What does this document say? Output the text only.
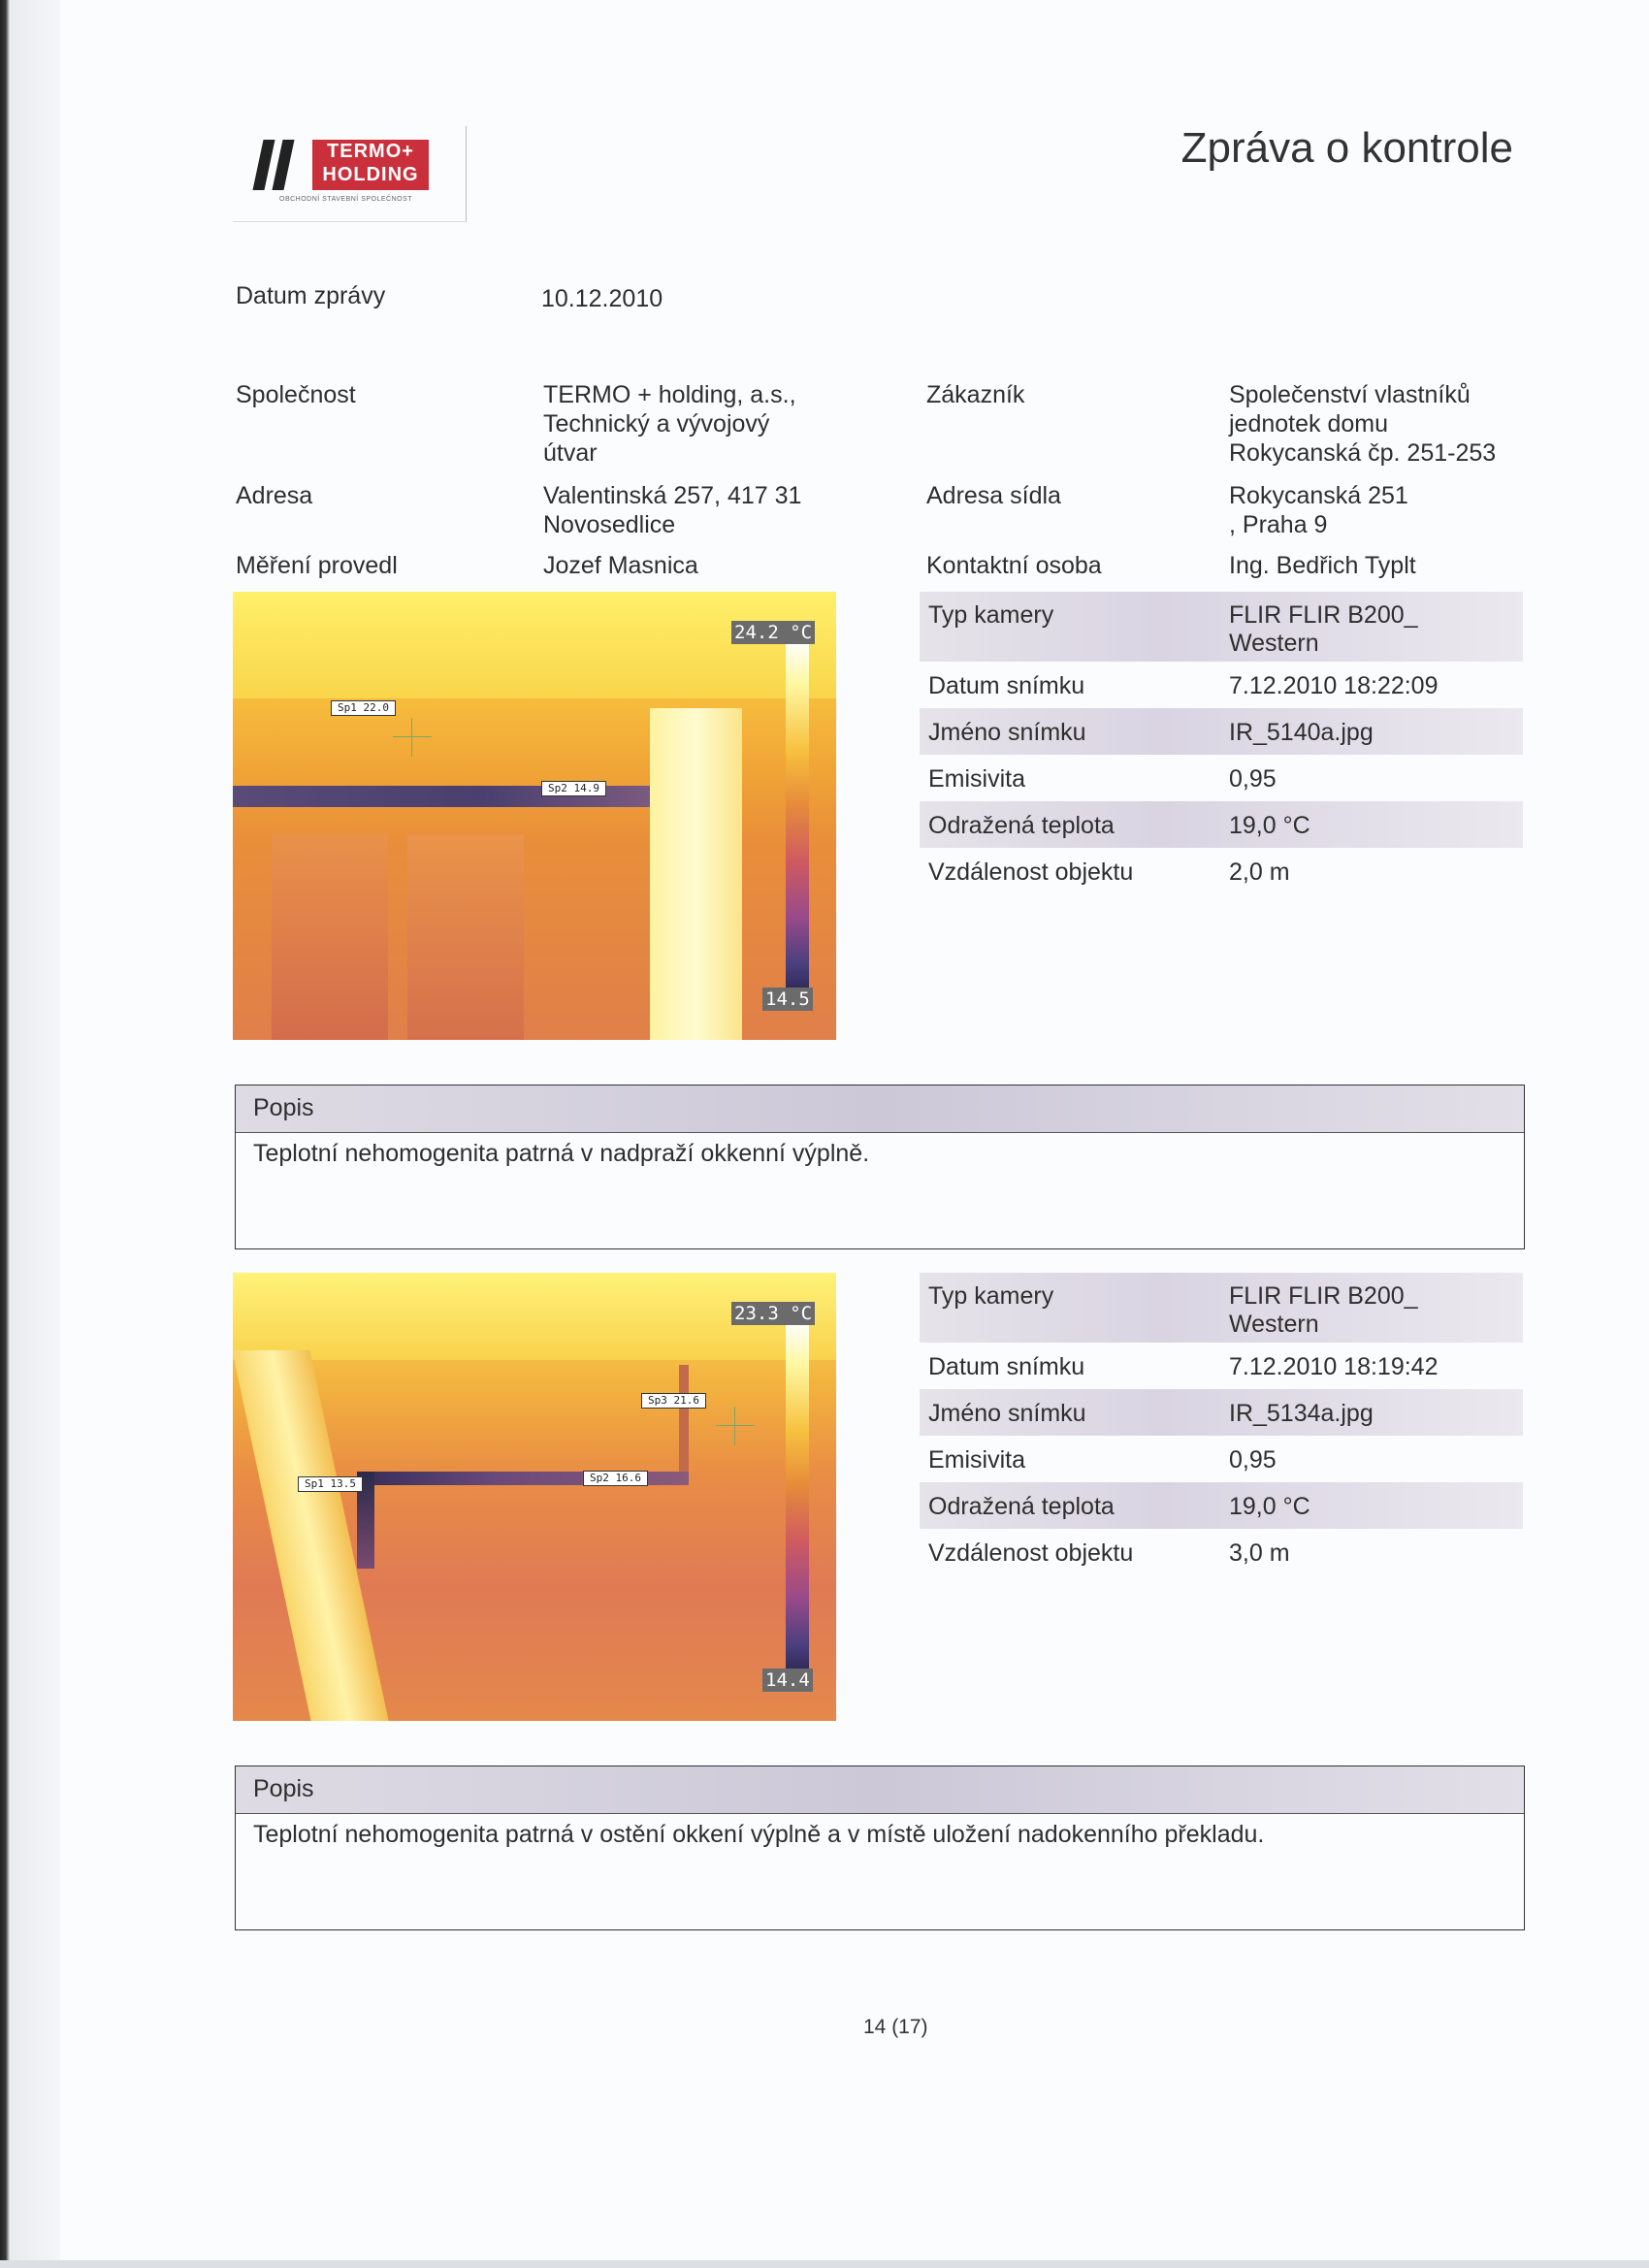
TERMO+
HOLDING
OBCHODNÍ STAVEBNÍ SPOLEČNOST
Zpráva o kontrole
Datum zprávy	10.12.2010
Společnost	TERMO + holding, a.s.,
Technický a vývojový
útvar
Adresa	Valentinská 257, 417 31
Novosedlice
Měření provedl	Jozef Masnica
Zákazník	Společenství vlastníků
jednotek domu
Rokycanská čp. 251-253
Adresa sídla	Rokycanská 251
, Praha 9
Kontaktní osoba	Ing. Bedřich Typlt
Sp1 22.0
Sp2 14.9
24.2 °C
14.5
Typ kamery	FLIR FLIR B200_
Western
Datum snímku	7.12.2010 18:22:09
Jméno snímku	IR_5140a.jpg
Emisivita	0,95
Odražená teplota	19,0 °C
Vzdálenost objektu	2,0 m
Popis
Teplotní nehomogenita patrná v nadpraží okkenní výplně.
Sp1 13.5	Sp2 16.6
Sp3 21.6
23.3 °C
14.4
Typ kamery	FLIR FLIR B200_
Western
Datum snímku	7.12.2010 18:19:42
Jméno snímku	IR_5134a.jpg
Emisivita	0,95
Odražená teplota	19,0 °C
Vzdálenost objektu	3,0 m
Popis
Teplotní nehomogenita patrná v ostění okkení výplně a v místě uložení nadokenního překladu.
14 (17)
